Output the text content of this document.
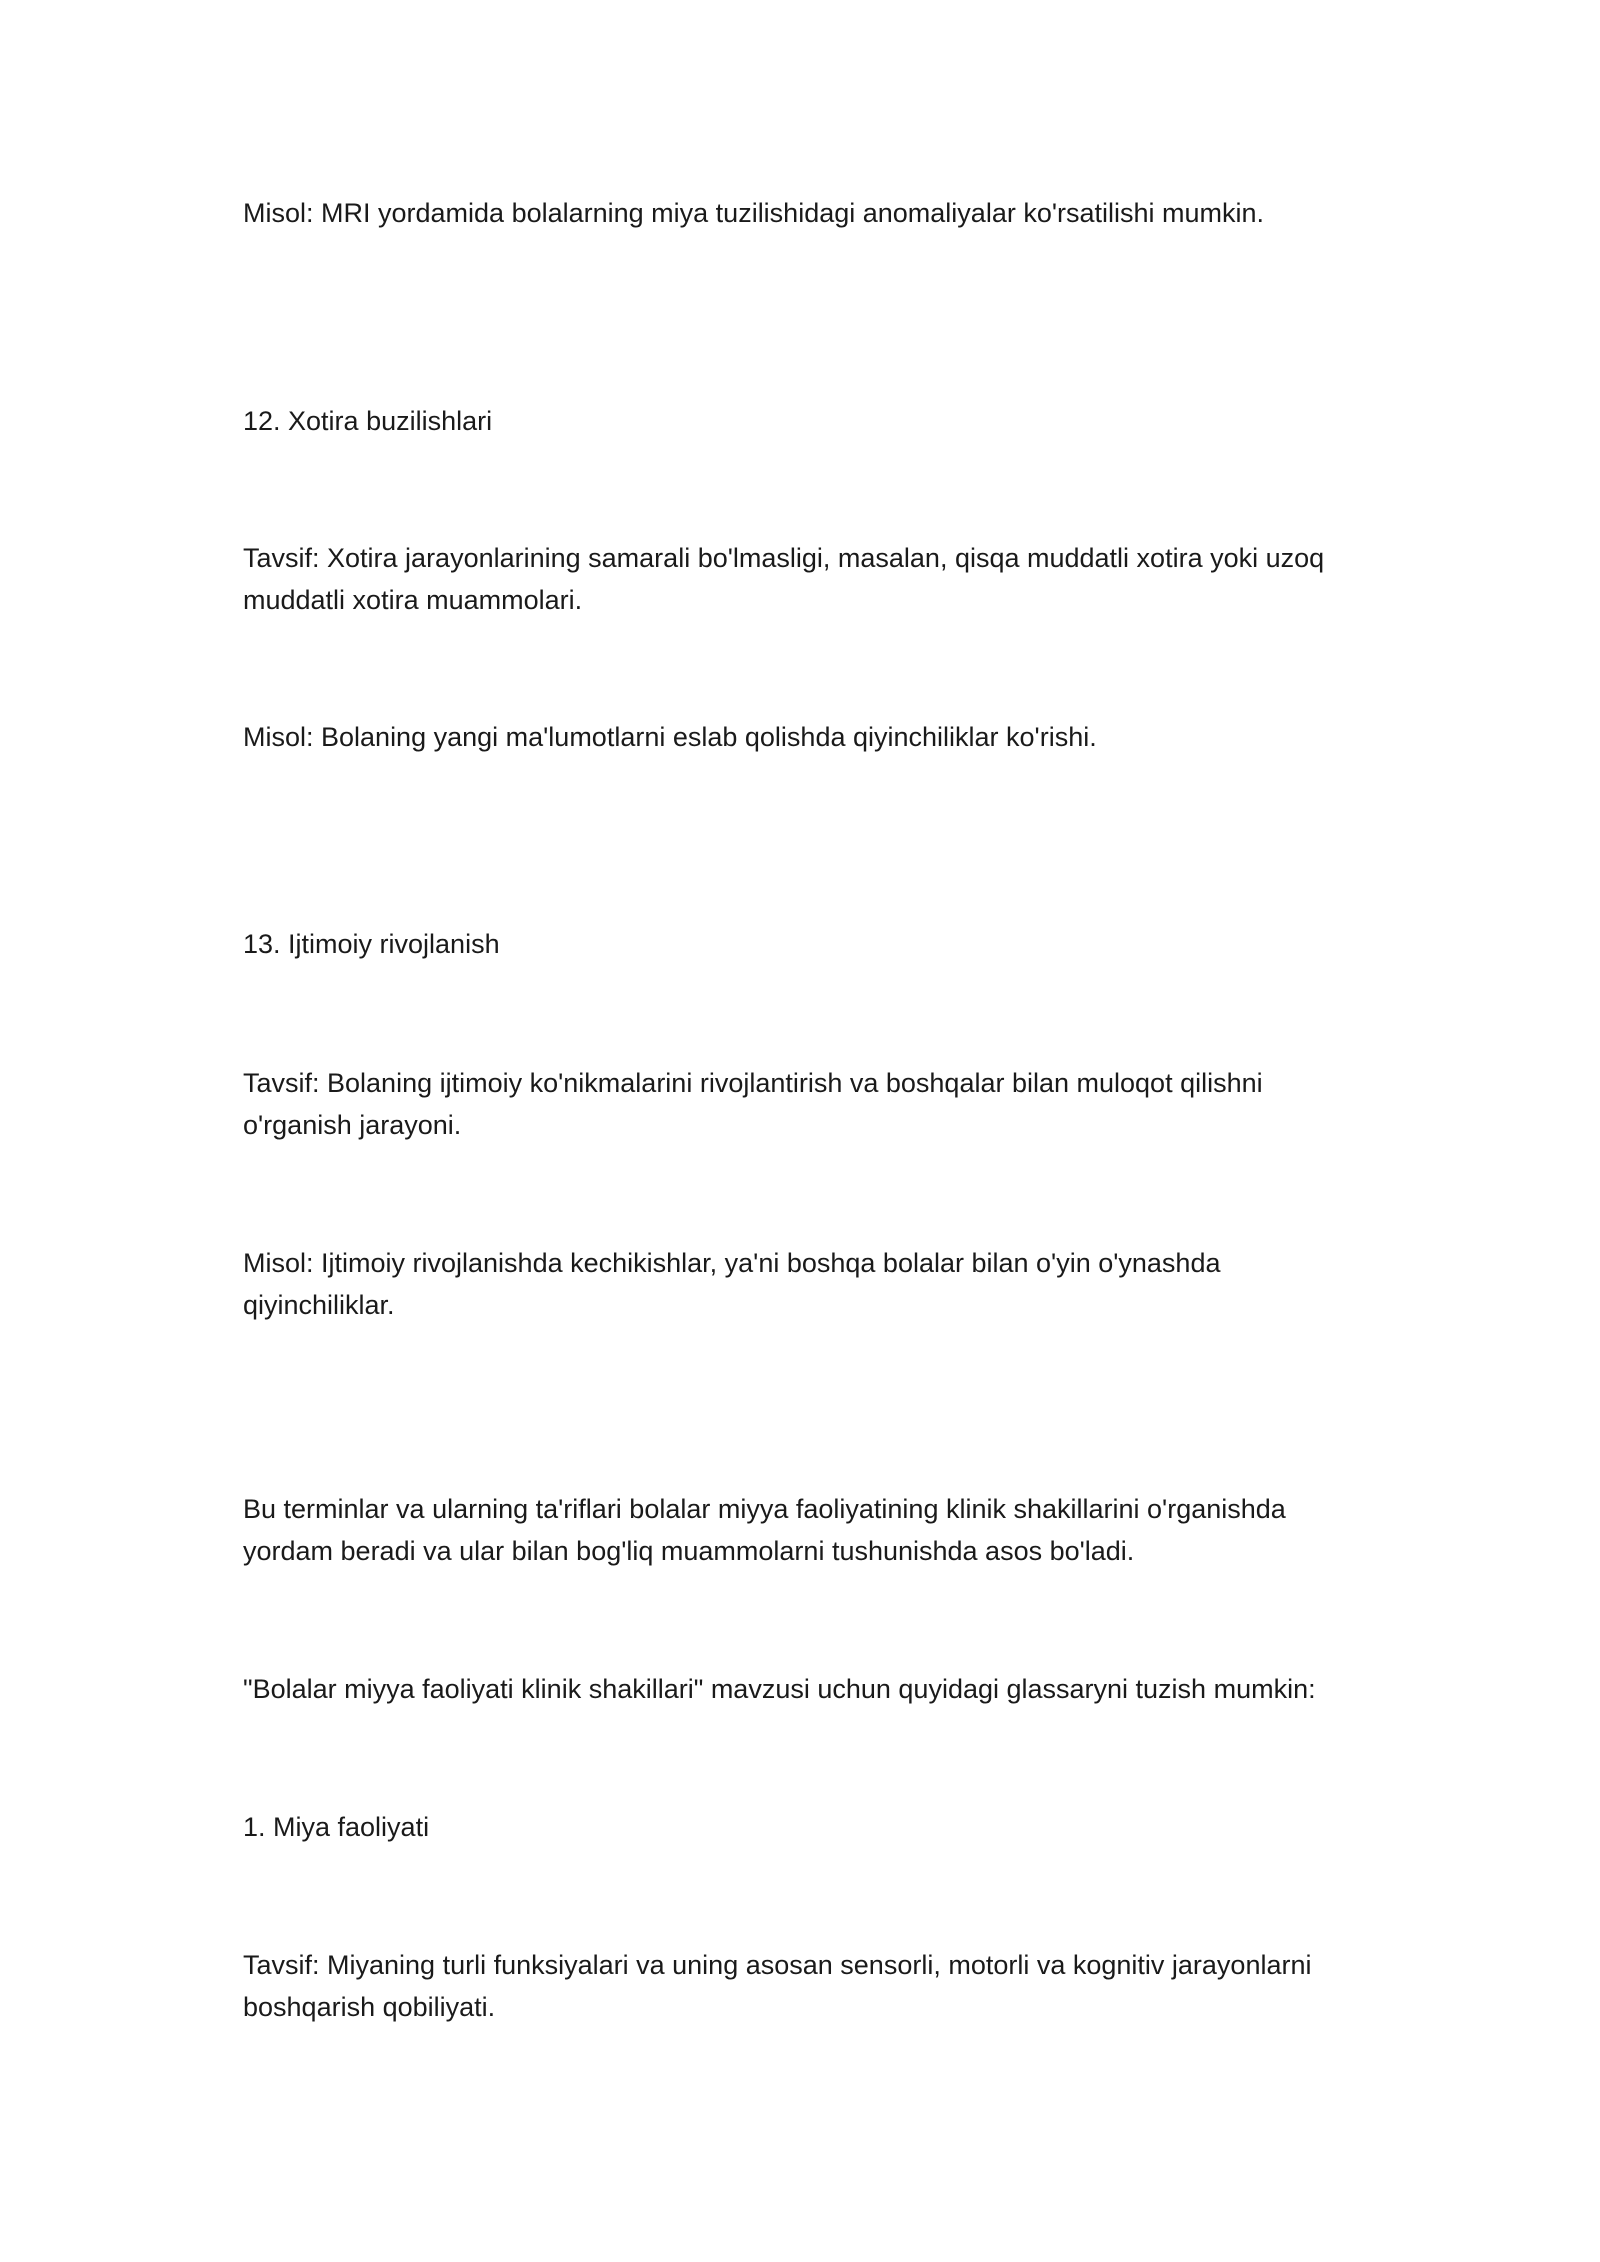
Misol: MRI yordamida bolalarning miya tuzilishidagi anomaliyalar ko'rsatilishi mumkin.

12. Xotira buzilishlari

Tavsif: Xotira jarayonlarining samarali bo'lmasligi, masalan, qisqa muddatli xotira yoki uzoq muddatli xotira muammolari.

Misol: Bolaning yangi ma'lumotlarni eslab qolishda qiyinchiliklar ko'rishi.

13. Ijtimoiy rivojlanish

Tavsif: Bolaning ijtimoiy ko'nikmalarini rivojlantirish va boshqalar bilan muloqot qilishni o'rganish jarayoni.

Misol: Ijtimoiy rivojlanishda kechikishlar, ya'ni boshqa bolalar bilan o'yin o'ynashda qiyinchiliklar.

Bu terminlar va ularning ta'riflari bolalar miyya faoliyatining klinik shakillarini o'rganishda yordam beradi va ular bilan bog'liq muammolarni tushunishda asos bo'ladi.

"Bolalar miyya faoliyati klinik shakillari" mavzusi uchun quyidagi glassaryni tuzish mumkin:

1. Miya faoliyati

Tavsif: Miyaning turli funksiyalari va uning asosan sensorli, motorli va kognitiv jarayonlarni boshqarish qobiliyati.
